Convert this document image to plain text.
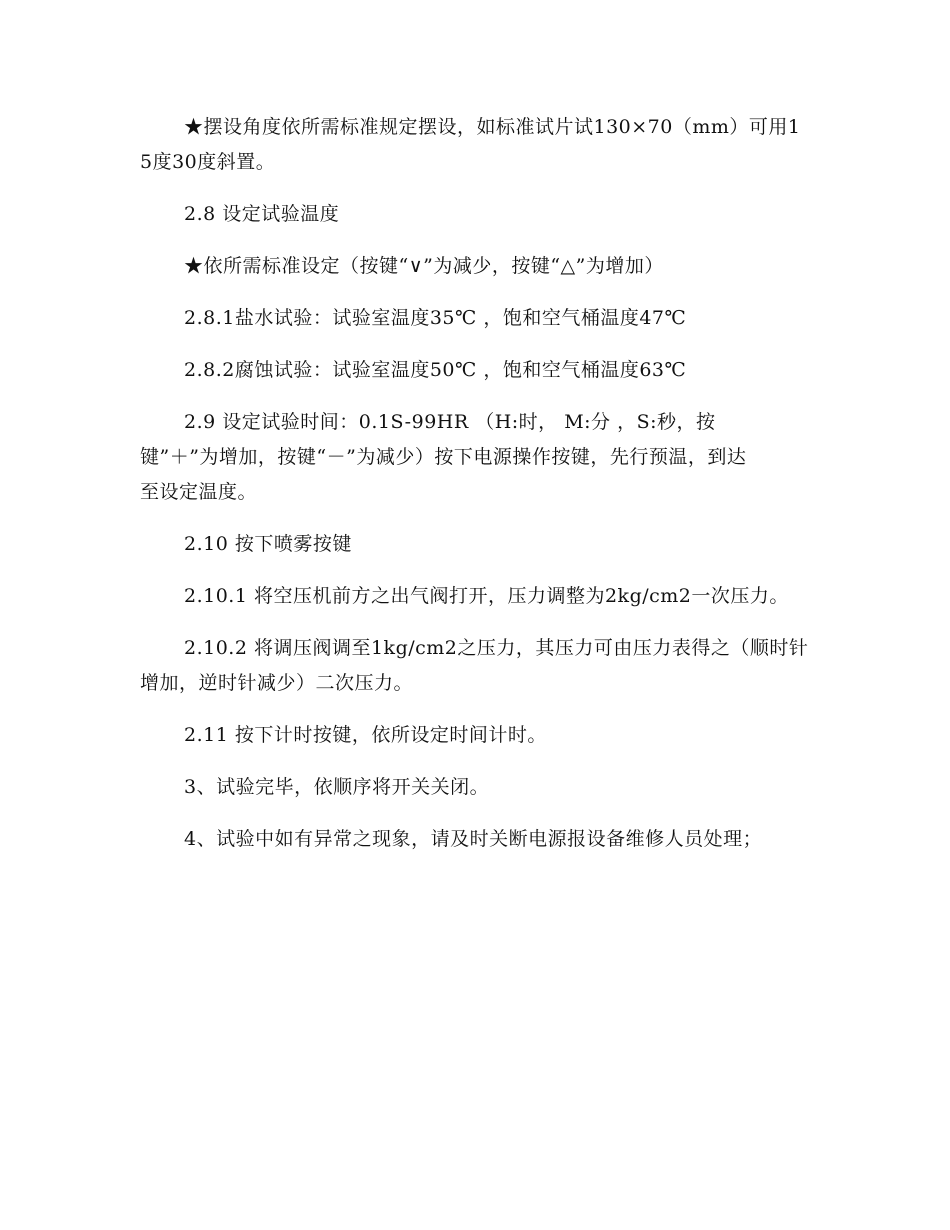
★摆设角度依所需标准规定摆设，如标准试片试130×70（mm）可用15度30度斜置。

2.8 设定试验温度

★依所需标准设定（按键“∨”为减少，按键“△”为增加）

2.8.1盐水试验：试验室温度35℃ ，饱和空气桶温度47℃

2.8.2腐蚀试验：试验室温度50℃ ，饱和空气桶温度63℃

2.9 设定试验时间：0.1S-99HR （H:时， M:分 ，S:秒，按键”＋”为增加，按键“－”为减少）按下电源操作按键，先行预温，到达至设定温度。

2.10 按下喷雾按键

2.10.1 将空压机前方之出气阀打开，压力调整为2kg/cm2一次压力。

2.10.2 将调压阀调至1kg/cm2之压力，其压力可由压力表得之（顺时针增加，逆时针减少）二次压力。

2.11 按下计时按键，依所设定时间计时。

3、试验完毕，依顺序将开关关闭。

4、试验中如有异常之现象，请及时关断电源报设备维修人员处理；
